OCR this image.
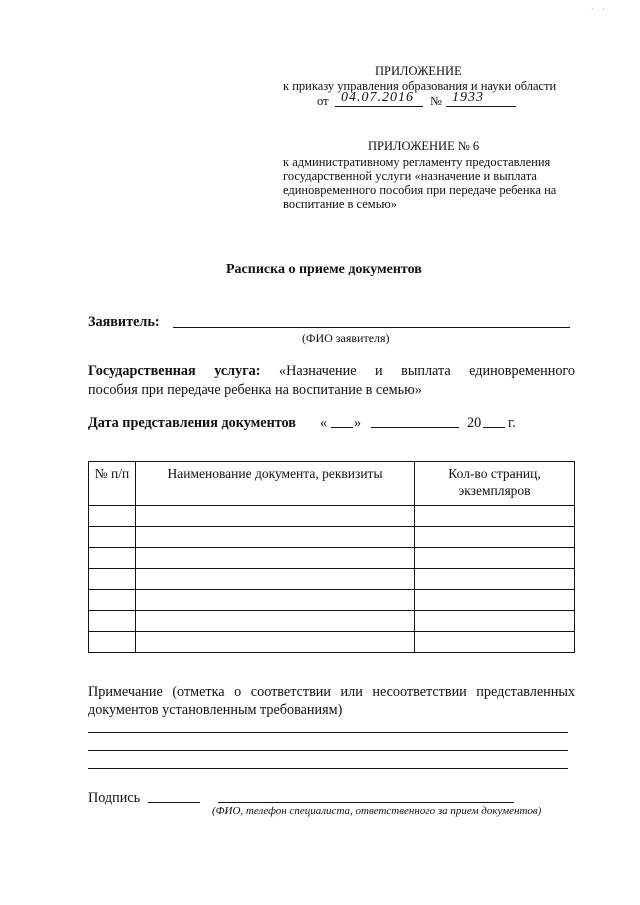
· ·
ПРИЛОЖЕНИЕ
к приказу управления образования и науки области
от 04.07.2016 № 1933
ПРИЛОЖЕНИЕ № 6
к административному регламенту предоставления
государственной услуги «назначение и выплата
единовременного пособия при передаче ребенка на
воспитание в семью»
Расписка о приеме документов
Заявитель:
(ФИО заявителя)
Государственная услуга: «Назначение и выплата единовременного
пособия при передаче ребенка на воспитание в семью»
Дата представления документов « »	20 г.
№ п/п	Наименование документа, реквизиты	Кол-во страниц,
экземпляров

Примечание (отметка о соответствии или несоответствии представленных
документов установленным требованиям)
Подпись
(ФИО, телефон специалиста, ответственного за прием документов)
